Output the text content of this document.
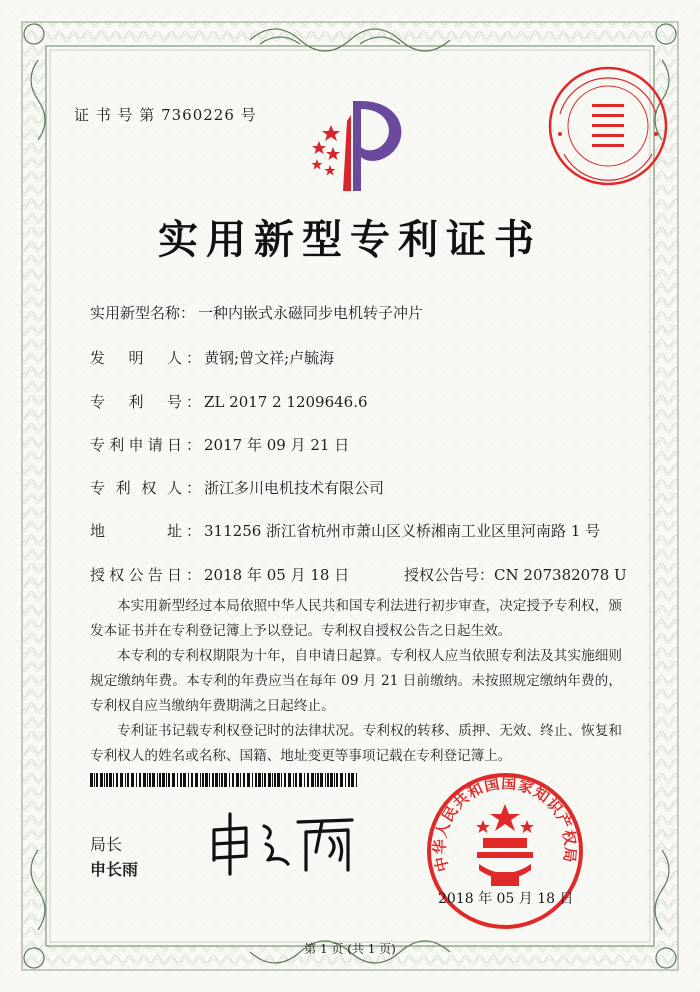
证 书 号 第 7360226 号
实用新型专利证书
实用新型名称： 一种内嵌式永磁同步电机转子冲片
发　明　人 ： 黄钢;曾文祥;卢毓海
专　利　号 ： ZL 2017 2 1209646.6
专利申请日 ： 2017 年 09 月 21 日
专 利 权 人 ： 浙江多川电机技术有限公司
地　　址 ： 311256 浙江省杭州市萧山区义桥湘南工业区里河南路 1 号
授权公告日 ： 2018 年 05 月 18 日	授权公告号：CN 207382078 U

本实用新型经过本局依照中华人民共和国专利法进行初步审查，决定授予专利权，颁发本证书并在专利登记簿上予以登记。专利权自授权公告之日起生效。

本专利的专利权期限为十年，自申请日起算。专利权人应当依照专利法及其实施细则规定缴纳年费。本专利的年费应当在每年 09 月 21 日前缴纳。未按照规定缴纳年费的，专利权自应当缴纳年费期满之日起终止。

专利证书记载专利权登记时的法律状况。专利权的转移、质押、无效、终止、恢复和专利权人的姓名或名称、国籍、地址变更等事项记载在专利登记簿上。

局长
申长雨	中华人民共和国国家知识产权局
2018 年 05 月 18 日
第 1 页 (共 1 页)
